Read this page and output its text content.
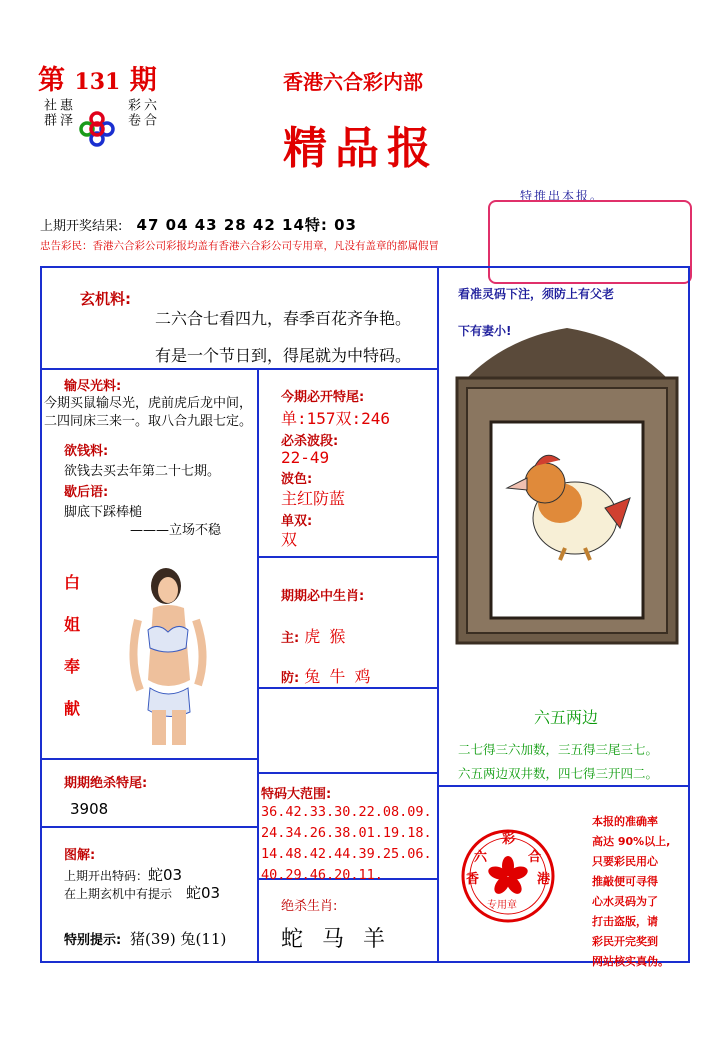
第 131 期
惠泽
社群	六合
彩卷
香港六合彩内部
精品报
特推出本报。
上期开奖结果: 47 04 43 28 42 14特: 03
忠告彩民：香港六合彩公司彩报均盖有香港六合彩公司专用章，凡没有盖章的都属假冒
玄机料:
二六合七看四九，春季百花齐争艳。
有是一个节日到，得尾就为中特码。
输尽光料:
今期买鼠输尽光，虎前虎后龙中间，二四同床三来一。取八合九跟七定。
欲钱料:
欲钱去买去年第二十七期。
歇后语:
脚底下踩棒槌
———立场不稳
白
姐
奉
献
期期绝杀特尾:
3908
图解:
上期开出特码：蛇03
在上期玄机中有提示 蛇03
特别提示: 猪(39) 兔(11)
今期必开特尾:
单:157双:246
必杀波段:
22-49
波色:
主红防蓝
单双:
双
期期必中生肖:
主: 虎 猴
防: 兔 牛 鸡
特码大范围:
36.42.33.30.22.08.09.
24.34.26.38.01.19.18.
14.48.42.44.39.25.06.
40.29.46.20.11.
绝杀生肖:
蛇 马 羊
看准灵码下注，须防上有父老
下有妻小!
六五两边
二七得三六加数，三五得三尾三七。
六五两边双井数，四七得三开四二。
彩
六	合
香	港
专用章
本报的准确率
高达 90%以上,
只要彩民用心
推敲便可寻得
心水灵码为了
打击盗版，请
彩民开完奖到
网站核实真伪。
